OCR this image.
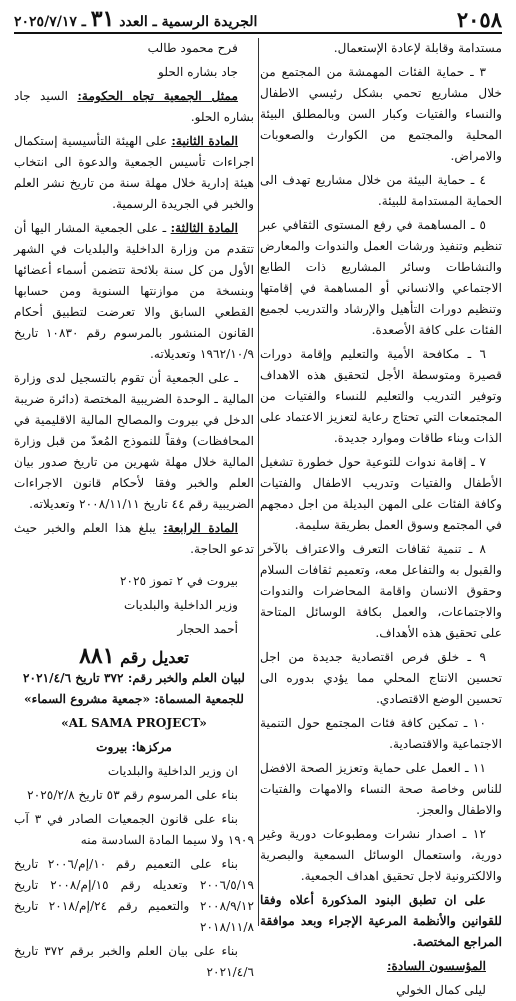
٢٠٥٨
الجريدة الرسمية ـ العدد ٣١ ـ ٢٠٢٥/٧/١٧

مستدامة وقابلة لإعادة الإستعمال.

٣ ـ حماية الفئات المهمشة من المجتمع من خلال مشاريع تحمي بشكل رئيسي الاطفال والنساء والفتيات وكبار السن وبالمطلق البيئة المحلية والمجتمع من الكوارث والصعوبات والامراض.

٤ ـ حماية البيئة من خلال مشاريع تهدف الى الحماية المستدامة للبيئة.

٥ ـ المساهمة في رفع المستوى الثقافي عبر تنظيم وتنفيذ ورشات العمل والندوات والمعارض والنشاطات وسائر المشاريع ذات الطابع الاجتماعي والانساني أو المساهمة في إقامتها وتنظيم دورات التأهيل والإرشاد والتدريب لجميع الفئات على كافة الأصعدة.

٦ ـ مكافحة الأمية والتعليم وإقامة دورات قصيرة ومتوسطة الأجل لتحقيق هذه الاهداف وتوفير التدريب والتعليم للنساء والفتيات من المجتمعات التي تحتاج رعاية لتعزيز الاعتماد على الذات وبناء طاقات وموارد جديدة.

٧ ـ إقامة ندوات للتوعية حول خطورة تشغيل الأطفال والفتيات وتدريب الاطفال والفتيات وكافة الفئات على المهن البديلة من اجل دمجهم في المجتمع وسوق العمل بطريقة سليمة.

٨ ـ تنمية ثقافات التعرف والاعتراف بالآخر والقبول به والتفاعل معه، وتعميم ثقافات السلام وحقوق الانسان واقامة المحاضرات والندوات والاجتماعات، والعمل بكافة الوسائل المتاحة على تحقيق هذه الأهداف.

٩ ـ خلق فرص اقتصادية جديدة من اجل تحسين الانتاج المحلي مما يؤدي بدوره الى تحسين الوضع الاقتصادي.

١٠ ـ تمكين كافة فئات المجتمع حول التنمية الاجتماعية والاقتصادية.

١١ ـ العمل على حماية وتعزيز الصحة الافضل للناس وخاصة صحة النساء والامهات والفتيات والاطفال والعجز.

١٢ ـ اصدار نشرات ومطبوعات دورية وغير دورية، واستعمال الوسائل السمعية والبصرية والالكترونية لاجل تحقيق اهداف الجمعية.

على ان تطبق البنود المذكورة أعلاه وفقا للقوانين والأنظمة المرعية الإجراء وبعد موافقة المراجع المختصة.

المؤسسون السادة:

ليلى كمال الخولي

فرح محمود طالب

جاد بشاره الحلو

ممثل الجمعية تجاه الحكومة: السيد جاد بشاره الحلو.

المادة الثانية: على الهيئة التأسيسية إستكمال اجراءات تأسيس الجمعية والدعوة الى انتخاب هيئة إدارية خلال مهلة سنة من تاريخ نشر العلم والخبر في الجريدة الرسمية.

المادة الثالثة: ـ على الجمعية المشار اليها أن تتقدم من وزارة الداخلية والبلديات في الشهر الأول من كل سنة بلائحة تتضمن أسماء أعضائها وبنسخة من موازنتها السنوية ومن حسابها القطعي السابق والا تعرضت لتطبيق أحكام القانون المنشور بالمرسوم رقم ١٠٨٣٠ تاريخ ١٩٦٢/١٠/٩ وتعديلاته.

ـ على الجمعية أن تقوم بالتسجيل لدى وزارة المالية ـ الوحدة الضريبية المختصة (دائرة ضريبة الدخل في بيروت والمصالح المالية الاقليمية في المحافظات) وفقاً للنموذج المُعدّ من قبل وزارة المالية خلال مهلة شهرين من تاريخ صدور بيان العلم والخبر وفقا لأحكام قانون الاجراءات الضريبية رقم ٤٤ تاريخ ٢٠٠٨/١١/١١ وتعديلاته.

المادة الرابعة: يبلغ هذا العلم والخبر حيث تدعو الحاجة.

بيروت في ٢ تموز ٢٠٢٥

وزير الداخلية والبلديات

أحمد الحجار

تعديل رقم ٨٨١

لبيان العلم والخبر رقم: ٣٧٢ تاريخ ٢٠٢١/٤/٦ للجمعية المسماة: «جمعية مشروع السماء»

«AL SAMA PROJECT»

مركزها: بيروت

ان وزير الداخلية والبلديات

بناء على المرسوم رقم ٥٣ تاريخ ٢٠٢٥/٢/٨

بناء على قانون الجمعيات الصادر في ٣ آب ١٩٠٩ ولا سيما المادة السادسة منه

بناء على التعميم رقم ١٠/إم/٢٠٠٦ تاريخ ٢٠٠٦/٥/١٩ وتعديله رقم ١٥/إم/٢٠٠٨ تاريخ ٢٠٠٨/٩/١٢ والتعميم رقم ٢٤/إم/٢٠١٨ تاريخ ٢٠١٨/١١/٨

بناء على بيان العلم والخبر برقم ٣٧٢ تاريخ ٢٠٢١/٤/٦
